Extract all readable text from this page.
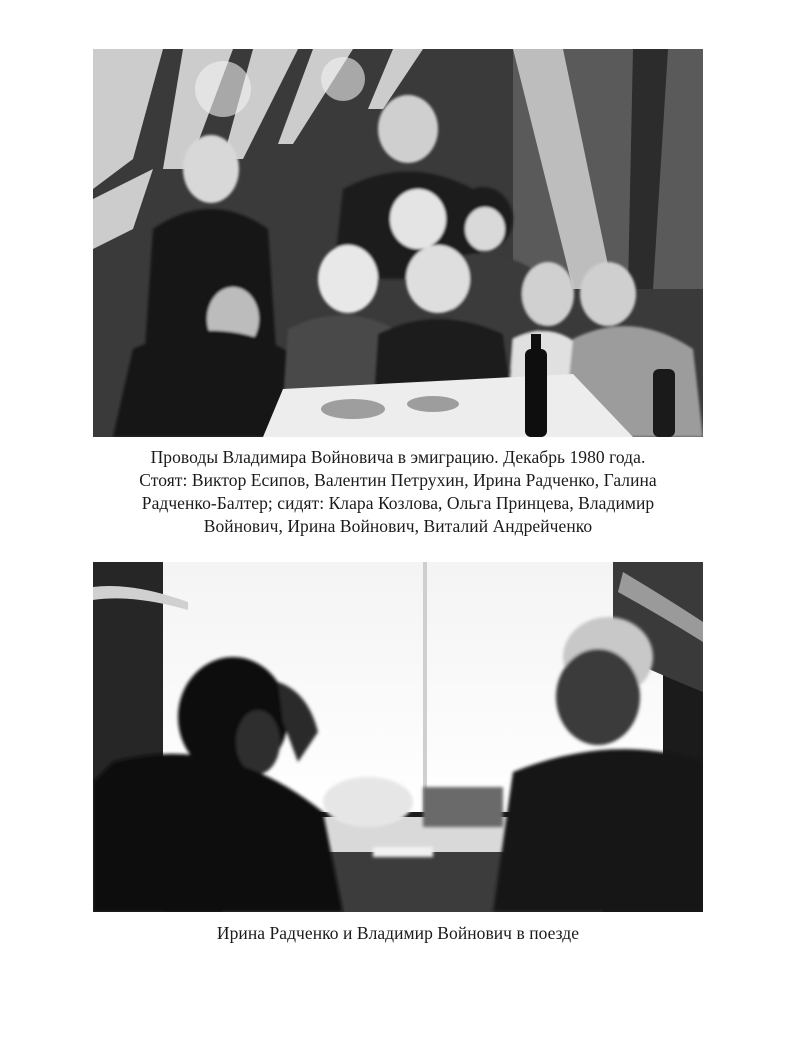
Проводы Владимира Войновича в эмиграцию. Декабрь 1980 года.
Стоят: Виктор Есипов, Валентин Петрухин, Ирина Радченко, Галина
Радченко-Балтер; сидят: Клара Козлова, Ольга Принцева, Владимир
Войнович, Ирина Войнович, Виталий Андрейченко
Ирина Радченко и Владимир Войнович в поезде
